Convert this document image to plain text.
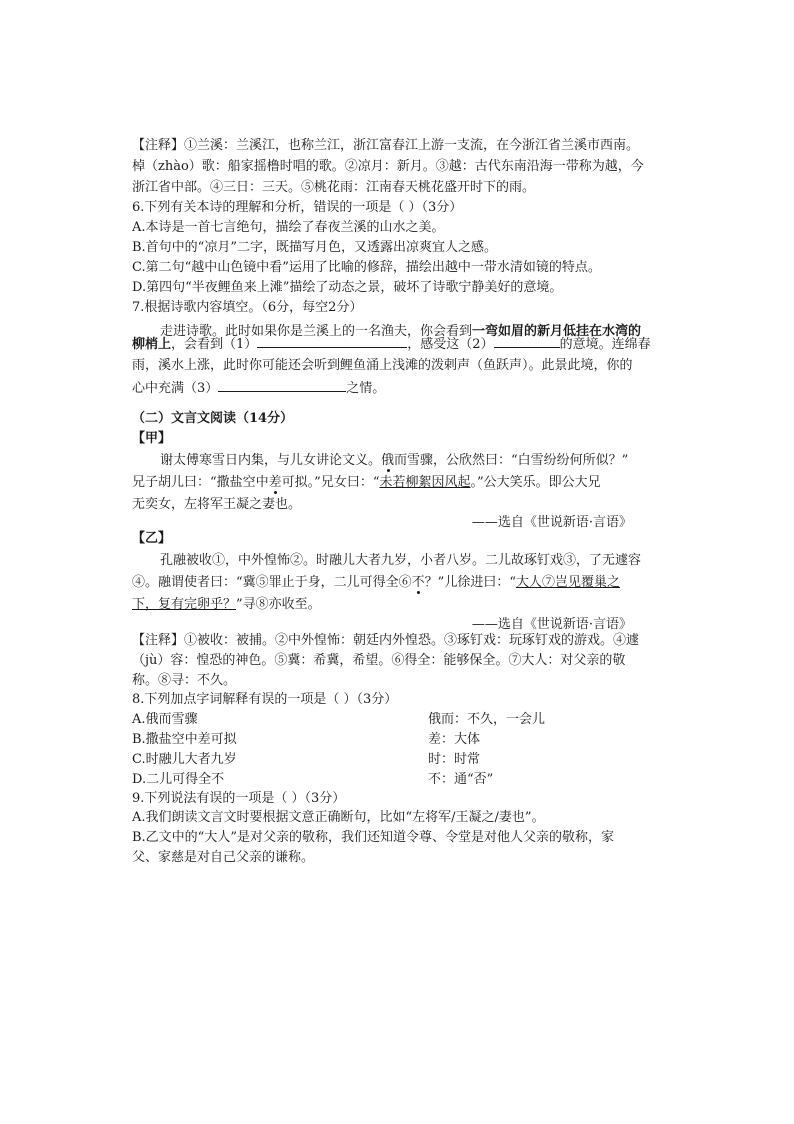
【注释】①兰溪：兰溪江，也称兰江，浙江富春江上游一支流，在今浙江省兰溪市西南。
棹（zhào）歌：船家摇橹时唱的歌。②凉月：新月。③越：古代东南沿海一带称为越，今
浙江省中部。④三日：三天。⑤桃花雨：江南春天桃花盛开时下的雨。
6.下列有关本诗的理解和分析，错误的一项是（ ）（3分）
A.本诗是一首七言绝句，描绘了春夜兰溪的山水之美。
B.首句中的“凉月”二字，既描写月色，又透露出凉爽宜人之感。
C.第二句“越中山色镜中看”运用了比喻的修辞，描绘出越中一带水清如镜的特点。
D.第四句“半夜鲤鱼来上滩”描绘了动态之景，破坏了诗歌宁静美好的意境。
7.根据诗歌内容填空。（6分，每空2分）
走进诗歌。此时如果你是兰溪上的一名渔夫，你会看到一弯如眉的新月低挂在水湾的
柳梢上，会看到（1）	，感受这（2）	的意境。连绵春
雨，溪水上涨，此时你可能还会听到鲤鱼涌上浅滩的泼剌声（鱼跃声）。此景此境，你的
心中充满（3）	之情。
（二）文言文阅读（14分）
【甲】
谢太傅寒雪日内集，与儿女讲论文义。俄而雪骤，公欣然曰：“白雪纷纷何所似？”
兄子胡儿曰：“撒盐空中差可拟。”兄女曰：“未若柳絮因风起。”公大笑乐。即公大兄
无奕女，左将军王凝之妻也。
——选自《世说新语·言语》
【乙】
孔融被收①，中外惶怖②。时融儿大者九岁，小者八岁。二儿故琢钉戏③，了无遽容
④。融谓使者曰：“冀⑤罪止于身，二儿可得全⑥不？”儿徐进曰：“大人⑦岂见覆巢之
下，复有完卵乎？”寻⑧亦收至。
——选自《世说新语·言语》
【注释】①被收：被捕。②中外惶怖：朝廷内外惶恐。③琢钉戏：玩琢钉戏的游戏。④遽
（jù）容：惶恐的神色。⑤冀：希冀，希望。⑥得全：能够保全。⑦大人：对父亲的敬
称。⑧寻：不久。
8.下列加点字词解释有误的一项是（ ）（3分）
A.俄而雪骤	俄而：不久，一会儿
B.撒盐空中差可拟	差：大体
C.时融儿大者九岁	时：时常
D.二儿可得全不	不：通“否”
9.下列说法有误的一项是（ ）（3分）
A.我们朗读文言文时要根据文意正确断句，比如“左将军/王凝之/妻也”。
B.乙文中的“大人”是对父亲的敬称，我们还知道令尊、令堂是对他人父亲的敬称，家
父、家慈是对自己父亲的谦称。
